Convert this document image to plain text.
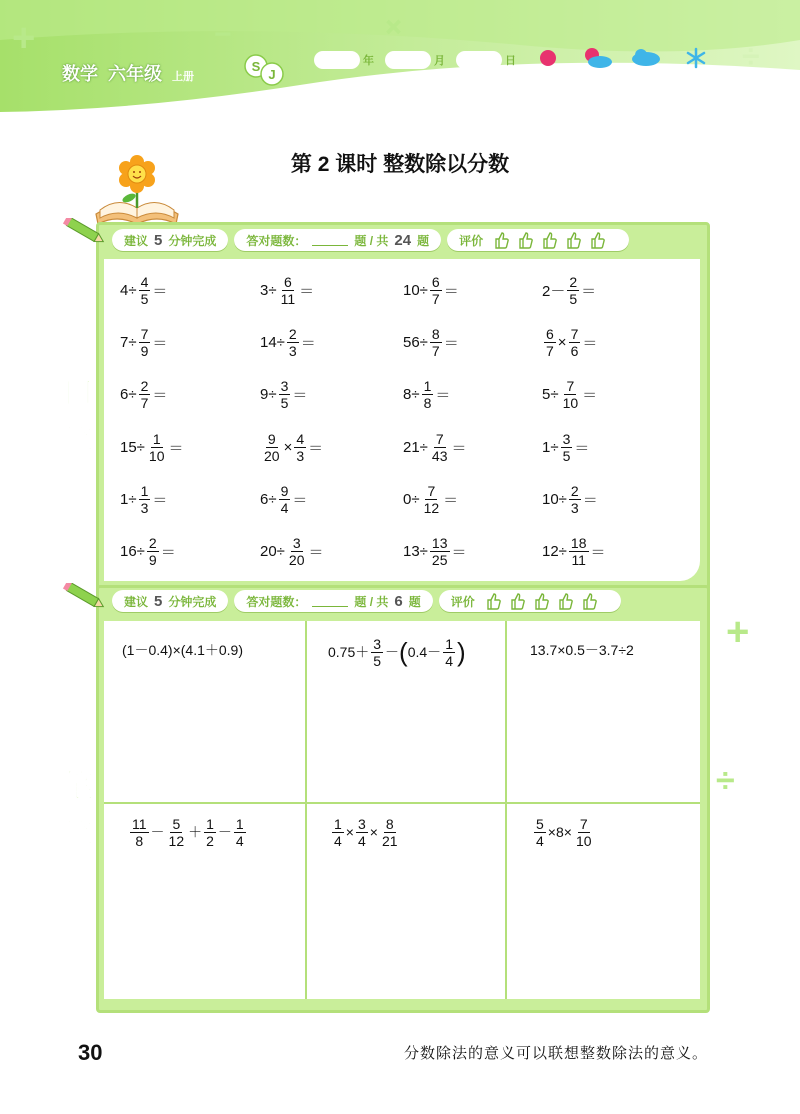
+	−	+
÷
数学 六年级 上册
S
J
年	月	日
第 2 课时 整数除以分数
建议 5 分钟完成	答对题数：	题 / 共 24 题	评价
口
算
$4\div \frac{4}{5}$ ＝	$3\div \frac{6}{11}$ ＝	$10\div \frac{6}{7}$ ＝	$2- \frac{2}{5}$ ＝
$7\div \frac{7}{9}$ ＝	$14\div \frac{2}{3}$ ＝	$56\div \frac{8}{7}$ ＝	$\frac{6}{7} \times \frac{7}{6}$ ＝
$6\div \frac{2}{7}$ ＝	$9\div \frac{3}{5}$ ＝	$8\div \frac{1}{8}$ ＝	$5\div \frac{7}{10}$ ＝
$15\div \frac{1}{10}$ ＝	$\frac{9}{20} \times \frac{4}{3}$ ＝	$21\div \frac{7}{43}$ ＝	$1\div \frac{3}{5}$ ＝
$1\div \frac{1}{3}$ ＝	$6\div \frac{9}{4}$ ＝	$0\div \frac{7}{12}$ ＝	$10\div \frac{2}{3}$ ＝
$16\div \frac{2}{9}$ ＝	$20\div \frac{3}{20}$ ＝	$13\div \frac{13}{25}$ ＝	$12\div \frac{18}{11}$ ＝
建议 5 分钟完成	答对题数：	题 / 共 6 题	评价
笔
算
+
÷
(1－0.4)×(4.1＋0.9)	$0.75+ \frac{3}{5}$ － ( $0.4- \frac{1}{4}$ )	13.7×0.5－3.7÷2
$\frac{11}{8} - \frac{5}{12} + \frac{1}{2} - \frac{1}{4}$	$\frac{1}{4} \times \frac{3}{4} \times \frac{8}{21}$	$\frac{5}{4} \times 8\times \frac{7}{10}$
30	分数除法的意义可以联想整数除法的意义。
